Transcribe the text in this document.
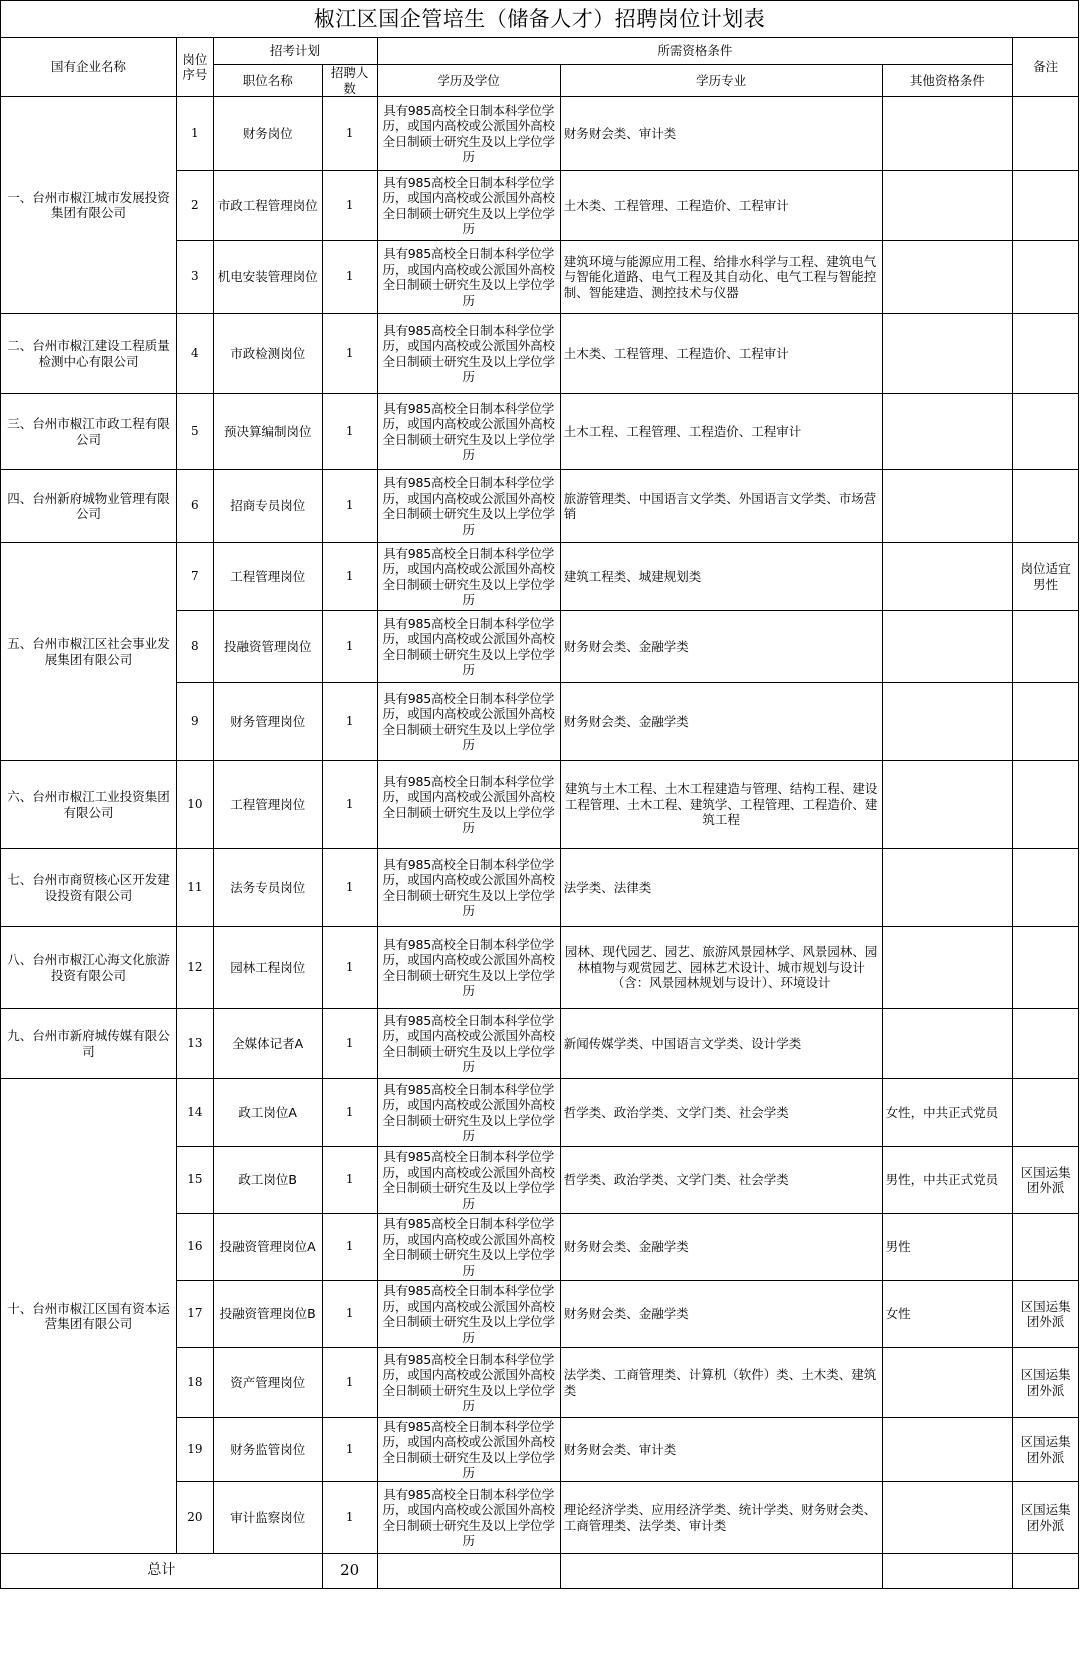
椒江区国企管培生（储备人才）招聘岗位计划表							
国有企业名称	岗位序号	招考计划		所需资格条件			备注
		职位名称	招聘人数	学历及学位	学历专业	其他资格条件	
一、台州市椒江城市发展投资集团有限公司	1	财务岗位	1	具有985高校全日制本科学位学历，或国内高校或公派国外高校全日制硕士研究生及以上学位学历	财务财会类、审计类		
	2	市政工程管理岗位	1	具有985高校全日制本科学位学历，或国内高校或公派国外高校全日制硕士研究生及以上学位学历	土木类、工程管理、工程造价、工程审计		
	3	机电安装管理岗位	1	具有985高校全日制本科学位学历，或国内高校或公派国外高校全日制硕士研究生及以上学位学历	建筑环境与能源应用工程、给排水科学与工程、建筑电气与智能化道路、电气工程及其自动化、电气工程与智能控制、智能建造、测控技术与仪器		
二、台州市椒江建设工程质量检测中心有限公司	4	市政检测岗位	1	具有985高校全日制本科学位学历，或国内高校或公派国外高校全日制硕士研究生及以上学位学历	土木类、工程管理、工程造价、工程审计		
三、台州市椒江市政工程有限公司	5	预决算编制岗位	1	具有985高校全日制本科学位学历，或国内高校或公派国外高校全日制硕士研究生及以上学位学历	土木工程、工程管理、工程造价、工程审计		
四、台州新府城物业管理有限公司	6	招商专员岗位	1	具有985高校全日制本科学位学历，或国内高校或公派国外高校全日制硕士研究生及以上学位学历	旅游管理类、中国语言文学类、外国语言文学类、市场营销		
五、台州市椒江区社会事业发展集团有限公司	7	工程管理岗位	1	具有985高校全日制本科学位学历，或国内高校或公派国外高校全日制硕士研究生及以上学位学历	建筑工程类、城建规划类		岗位适宜男性
	8	投融资管理岗位	1	具有985高校全日制本科学位学历，或国内高校或公派国外高校全日制硕士研究生及以上学位学历	财务财会类、金融学类		
	9	财务管理岗位	1	具有985高校全日制本科学位学历，或国内高校或公派国外高校全日制硕士研究生及以上学位学历	财务财会类、金融学类		
六、台州市椒江工业投资集团有限公司	10	工程管理岗位	1	具有985高校全日制本科学位学历，或国内高校或公派国外高校全日制硕士研究生及以上学位学历	建筑与土木工程、土木工程建造与管理、结构工程、建设工程管理、土木工程、建筑学、工程管理、工程造价、建筑工程		
七、台州市商贸核心区开发建设投资有限公司	11	法务专员岗位	1	具有985高校全日制本科学位学历，或国内高校或公派国外高校全日制硕士研究生及以上学位学历	法学类、法律类		
八、台州市椒江心海文化旅游投资有限公司	12	园林工程岗位	1	具有985高校全日制本科学位学历，或国内高校或公派国外高校全日制硕士研究生及以上学位学历	园林、现代园艺、园艺、旅游风景园林学、风景园林、园林植物与观赏园艺、园林艺术设计、城市规划与设计（含：风景园林规划与设计）、环境设计		
九、台州市新府城传媒有限公司	13	全媒体记者A	1	具有985高校全日制本科学位学历，或国内高校或公派国外高校全日制硕士研究生及以上学位学历	新闻传媒学类、中国语言文学类、设计学类		
十、台州市椒江区国有资本运营集团有限公司	14	政工岗位A	1	具有985高校全日制本科学位学历，或国内高校或公派国外高校全日制硕士研究生及以上学位学历	哲学类、政治学类、文学门类、社会学类	女性，中共正式党员	
	15	政工岗位B	1	具有985高校全日制本科学位学历，或国内高校或公派国外高校全日制硕士研究生及以上学位学历	哲学类、政治学类、文学门类、社会学类	男性，中共正式党员	区国运集团外派
	16	投融资管理岗位A	1	具有985高校全日制本科学位学历，或国内高校或公派国外高校全日制硕士研究生及以上学位学历	财务财会类、金融学类	男性	
	17	投融资管理岗位B	1	具有985高校全日制本科学位学历，或国内高校或公派国外高校全日制硕士研究生及以上学位学历	财务财会类、金融学类	女性	区国运集团外派
	18	资产管理岗位	1	具有985高校全日制本科学位学历，或国内高校或公派国外高校全日制硕士研究生及以上学位学历	法学类、工商管理类、计算机（软件）类、土木类、建筑类		区国运集团外派
	19	财务监管岗位	1	具有985高校全日制本科学位学历，或国内高校或公派国外高校全日制硕士研究生及以上学位学历	财务财会类、审计类		区国运集团外派
	20	审计监察岗位	1	具有985高校全日制本科学位学历，或国内高校或公派国外高校全日制硕士研究生及以上学位学历	理论经济学类、应用经济学类、统计学类、财务财会类、工商管理类、法学类、审计类		区国运集团外派
总计			20				
